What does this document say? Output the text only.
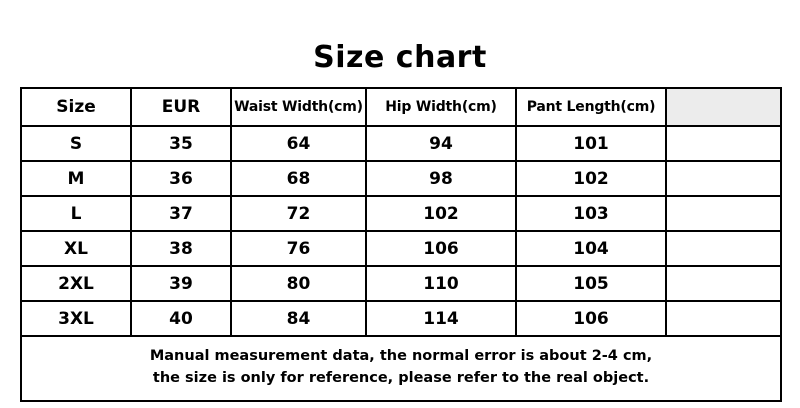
Size chart
Size	EUR	Waist Width(cm)	Hip Width(cm)	Pant Length(cm)	
S	35	64	94	101	
M	36	68	98	102	
L	37	72	102	103	
XL	38	76	106	104	
2XL	39	80	110	105	
3XL	40	84	114	106	

Manual measurement data, the normal error is about 2-4 cm,
the size is only for reference, please refer to the real object.					
